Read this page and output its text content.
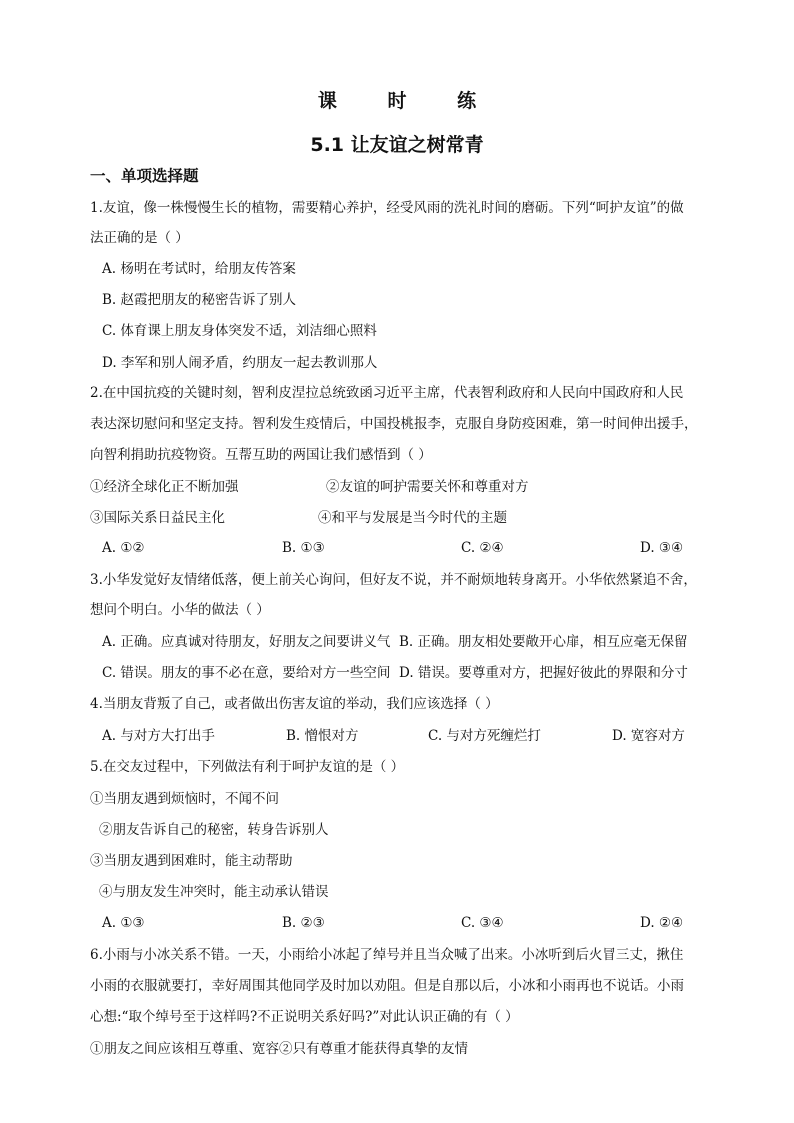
课 时 练
5.1 让友谊之树常青
一、单项选择题

1.友谊，像一株慢慢生长的植物，需要精心养护，经受风雨的洗礼时间的磨砺。下列“呵护友谊”的做

法正确的是（ ）

A. 杨明在考试时，给朋友传答案

B. 赵霞把朋友的秘密告诉了别人

C. 体育课上朋友身体突发不适，刘洁细心照料

D. 李军和别人闹矛盾，约朋友一起去教训那人

2.在中国抗疫的关键时刻，智利皮涅拉总统致函习近平主席，代表智利政府和人民向中国政府和人民

表达深切慰问和坚定支持。智利发生疫情后，中国投桃报李，克服自身防疫困难，第一时间伸出援手，

向智利捐助抗疫物资。互帮互助的两国让我们感悟到（ ）

①经济全球化正不断加强	②友谊的呵护需要关怀和尊重对方

③国际关系日益民主化	④和平与发展是当今时代的主题

A. ①②	B. ①③	C. ②④	D. ③④

3.小华发觉好友情绪低落，便上前关心询问，但好友不说，并不耐烦地转身离开。小华依然紧追不舍，

想问个明白。小华的做法（ ）

A. 正确。应真诚对待朋友，好朋友之间要讲义气 B. 正确。朋友相处要敞开心扉，相互应毫无保留
C. 错误。朋友的事不必在意，要给对方一些空间 D. 错误。要尊重对方，把握好彼此的界限和分寸

4.当朋友背叛了自己，或者做出伤害友谊的举动，我们应该选择（ ）

A. 与对方大打出手	B. 憎恨对方	C. 与对方死缠烂打	D. 宽容对方

5.在交友过程中，下列做法有利于呵护友谊的是（ ）

①当朋友遇到烦恼时，不闻不问

②朋友告诉自己的秘密，转身告诉别人

③当朋友遇到困难时，能主动帮助

④与朋友发生冲突时，能主动承认错误

A. ①③	B. ②③	C. ③④	D. ②④

6.小雨与小冰关系不错。一天，小雨给小冰起了绰号并且当众喊了出来。小冰听到后火冒三丈，揪住

小雨的衣服就要打，幸好周围其他同学及时加以劝阻。但是自那以后，小冰和小雨再也不说话。小雨

心想:“取个绰号至于这样吗?不正说明关系好吗?”对此认识正确的有（ ）

①朋友之间应该相互尊重、宽容②只有尊重才能获得真挚的友情
